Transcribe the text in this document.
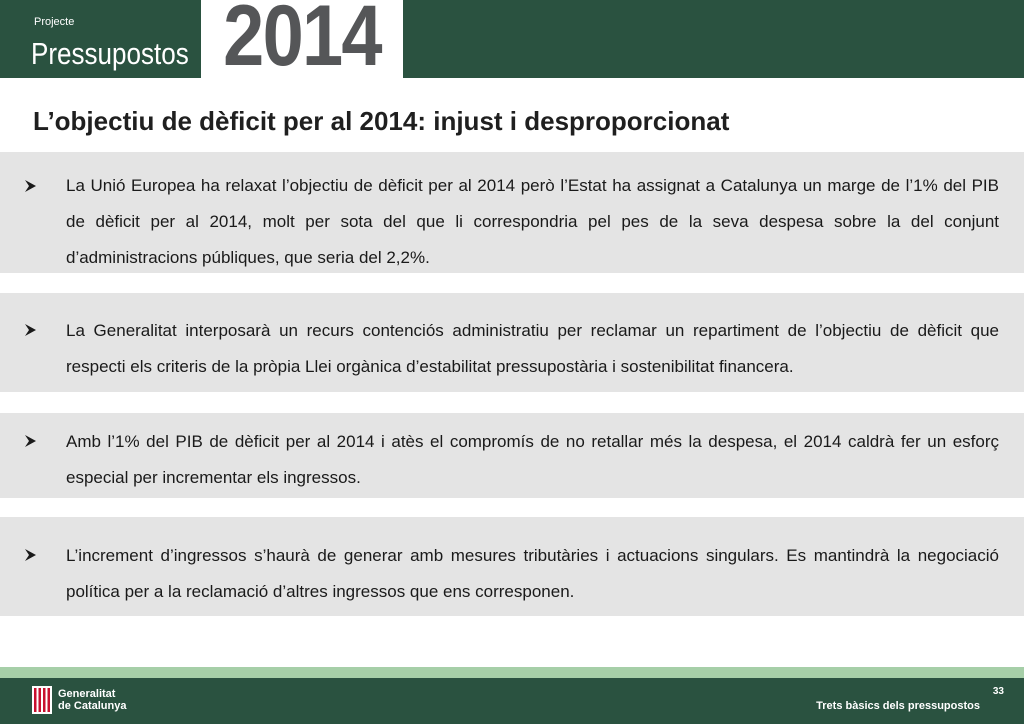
Projecte
Pressupostos 2014
L’objectiu de dèficit per al 2014: injust i desproporcionat
La Unió Europea ha relaxat l’objectiu de dèficit per al 2014 però l’Estat ha assignat a Catalunya un marge de l’1% del PIB de dèficit per al 2014, molt per sota del que li correspondria pel pes de la seva despesa sobre la del conjunt d’administracions públiques, que seria del 2,2%.
La Generalitat interposarà un recurs contenciós administratiu per reclamar un repartiment de l’objectiu de dèficit que respecti els criteris de la pròpia Llei orgànica d’estabilitat pressupostària i sostenibilitat financera.
Amb l’1% del PIB de dèficit per al 2014 i atès el compromís de no retallar més la despesa, el 2014 caldrà fer un esforç especial per incrementar els ingressos.
L’increment d’ingressos s’haurà de generar amb mesures tributàries i actuacions singulars. Es mantindrà la negociació política per a la reclamació d’altres ingressos que ens corresponen.
Generalitat
de Catalunya
33
Trets bàsics dels pressupostos
